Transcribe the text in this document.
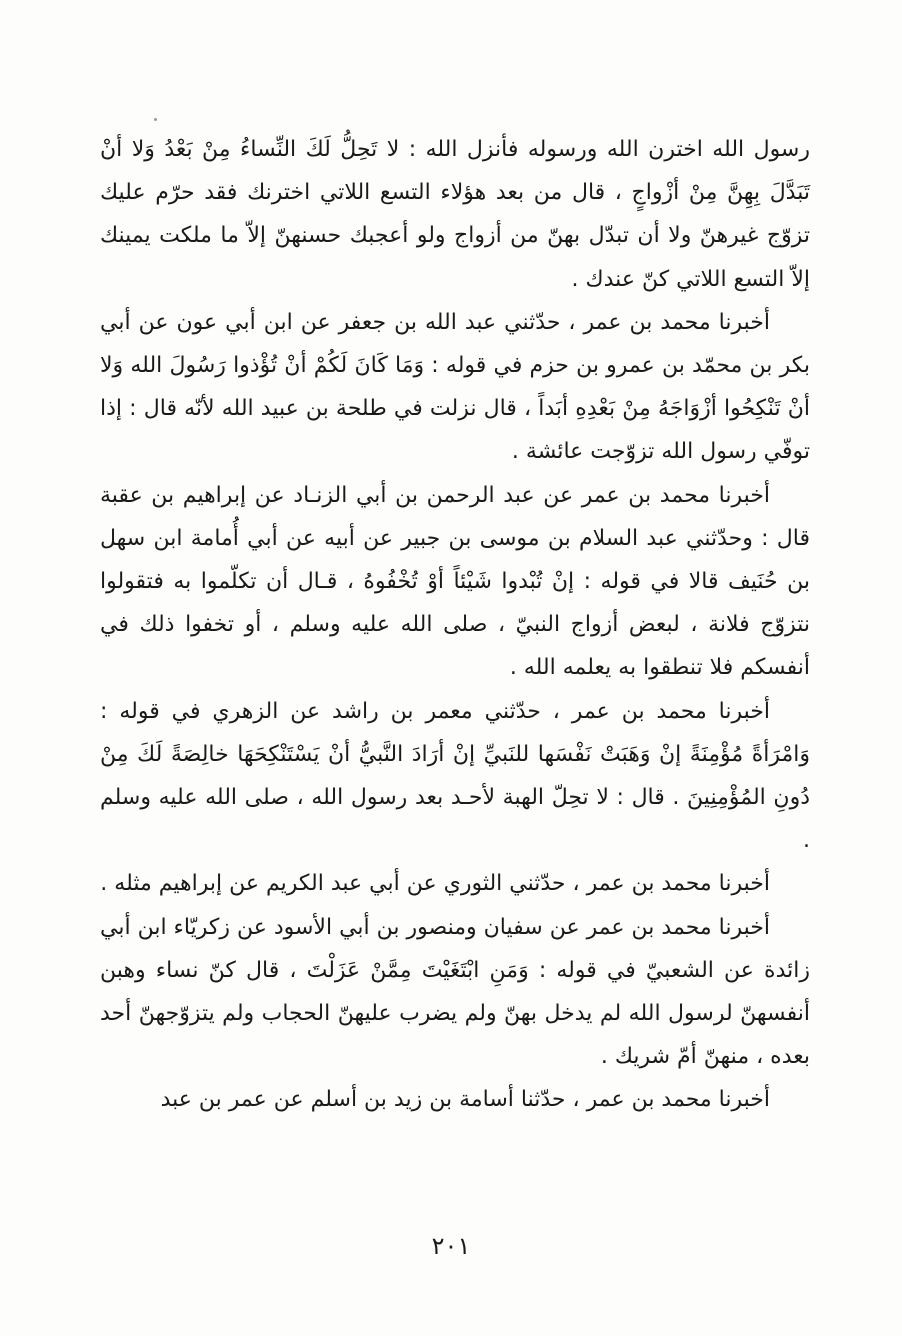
رسول الله اخترن الله ورسوله فأنزل الله : لا تَحِلُّ لَكَ النِّساءُ مِنْ بَعْدُ وَلا أنْ تَبَدَّلَ بِهِنَّ مِنْ أزْواجٍ ، قال من بعد هؤلاء التسع اللاتي اخترنك فقد حرّم عليك تزوّج غيرهنّ ولا أن تبدّل بهنّ من أزواج ولو أعجبك حسنهنّ إلاّ ما ملكت يمينك إلاّ التسع اللاتي كنّ عندك .

أخبرنا محمد بن عمر ، حدّثني عبد الله بن جعفر عن ابن أبي عون عن أبي بكر بن محمّد بن عمرو بن حزم في قوله : وَمَا كَانَ لَكُمْ أنْ تُؤْذوا رَسُولَ الله وَلا أنْ تَنْكِحُوا أزْوَاجَهُ مِنْ بَعْدِهِ أبَداً ، قال نزلت في طلحة بن عبيد الله لأنّه قال : إذا توفّي رسول الله تزوّجت عائشة .

أخبرنا محمد بن عمر عن عبد الرحمن بن أبي الزنـاد عن إبراهيم بن عقبة قال : وحدّثني عبد السلام بن موسى بن جبير عن أبيه عن أبي أُمامة ابن سهل بن حُنَيف قالا في قوله : إنْ تُبْدوا شَيْئاً أوْ تُخْفُوهُ ، قـال أن تكلّموا به فتقولوا نتزوّج فلانة ، لبعض أزواج النبيّ ، صلى الله عليه وسلم ، أو تخفوا ذلك في أنفسكم فلا تنطقوا به يعلمه الله .

أخبرنا محمد بن عمر ، حدّثني معمر بن راشد عن الزهري في قوله : وَامْرَأةً مُؤْمِنَةً إنْ وَهَبَتْ نَفْسَها للنَبيِّ إنْ أرَادَ النَّبيُّ أنْ يَسْتَنْكِحَهَا خالِصَةً لَكَ مِنْ دُونِ المُؤْمِنِينَ . قال : لا تحِلّ الهبة لأحـد بعد رسول الله ، صلى الله عليه وسلم .

أخبرنا محمد بن عمر ، حدّثني الثوري عن أبي عبد الكريم عن إبراهيم مثله .

أخبرنا محمد بن عمر عن سفيان ومنصور بن أبي الأسود عن زكريّاء ابن أبي زائدة عن الشعبيّ في قوله : وَمَنِ ابْتَغَيْتَ مِمَّنْ عَزَلْتَ ، قال كنّ نساء وهبن أنفسهنّ لرسول الله لم يدخل بهنّ ولم يضرب عليهنّ الحجاب ولم يتزوّجهنّ أحد بعده ، منهنّ أمّ شريك .

أخبرنا محمد بن عمر ، حدّثنا أسامة بن زيد بن أسلم عن عمر بن عبد

٢٠١
